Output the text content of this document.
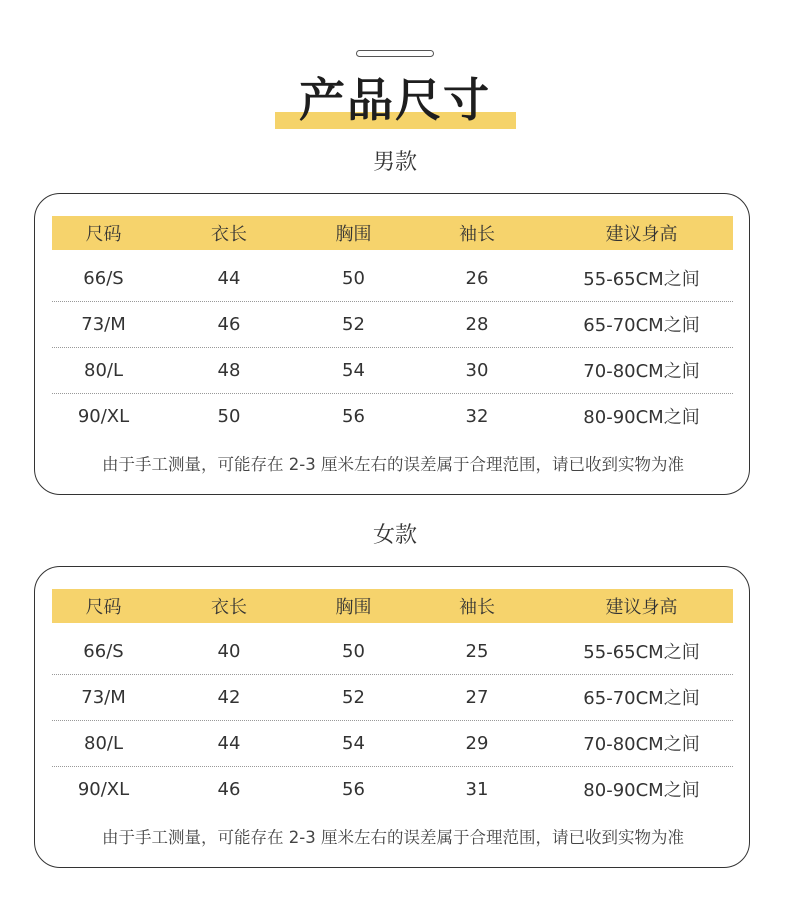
产品尺寸
男款
尺码	衣长	胸围	袖长	建议身高
66/S	44	50	26	55-65CM之间
73/M	46	52	28	65-70CM之间
80/L	48	54	30	70-80CM之间
90/XL	50	56	32	80-90CM之间
由于手工测量，可能存在 2-3 厘米左右的误差属于合理范围，请已收到实物为准
女款
尺码	衣长	胸围	袖长	建议身高
66/S	40	50	25	55-65CM之间
73/M	42	52	27	65-70CM之间
80/L	44	54	29	70-80CM之间
90/XL	46	56	31	80-90CM之间
由于手工测量，可能存在 2-3 厘米左右的误差属于合理范围，请已收到实物为准
